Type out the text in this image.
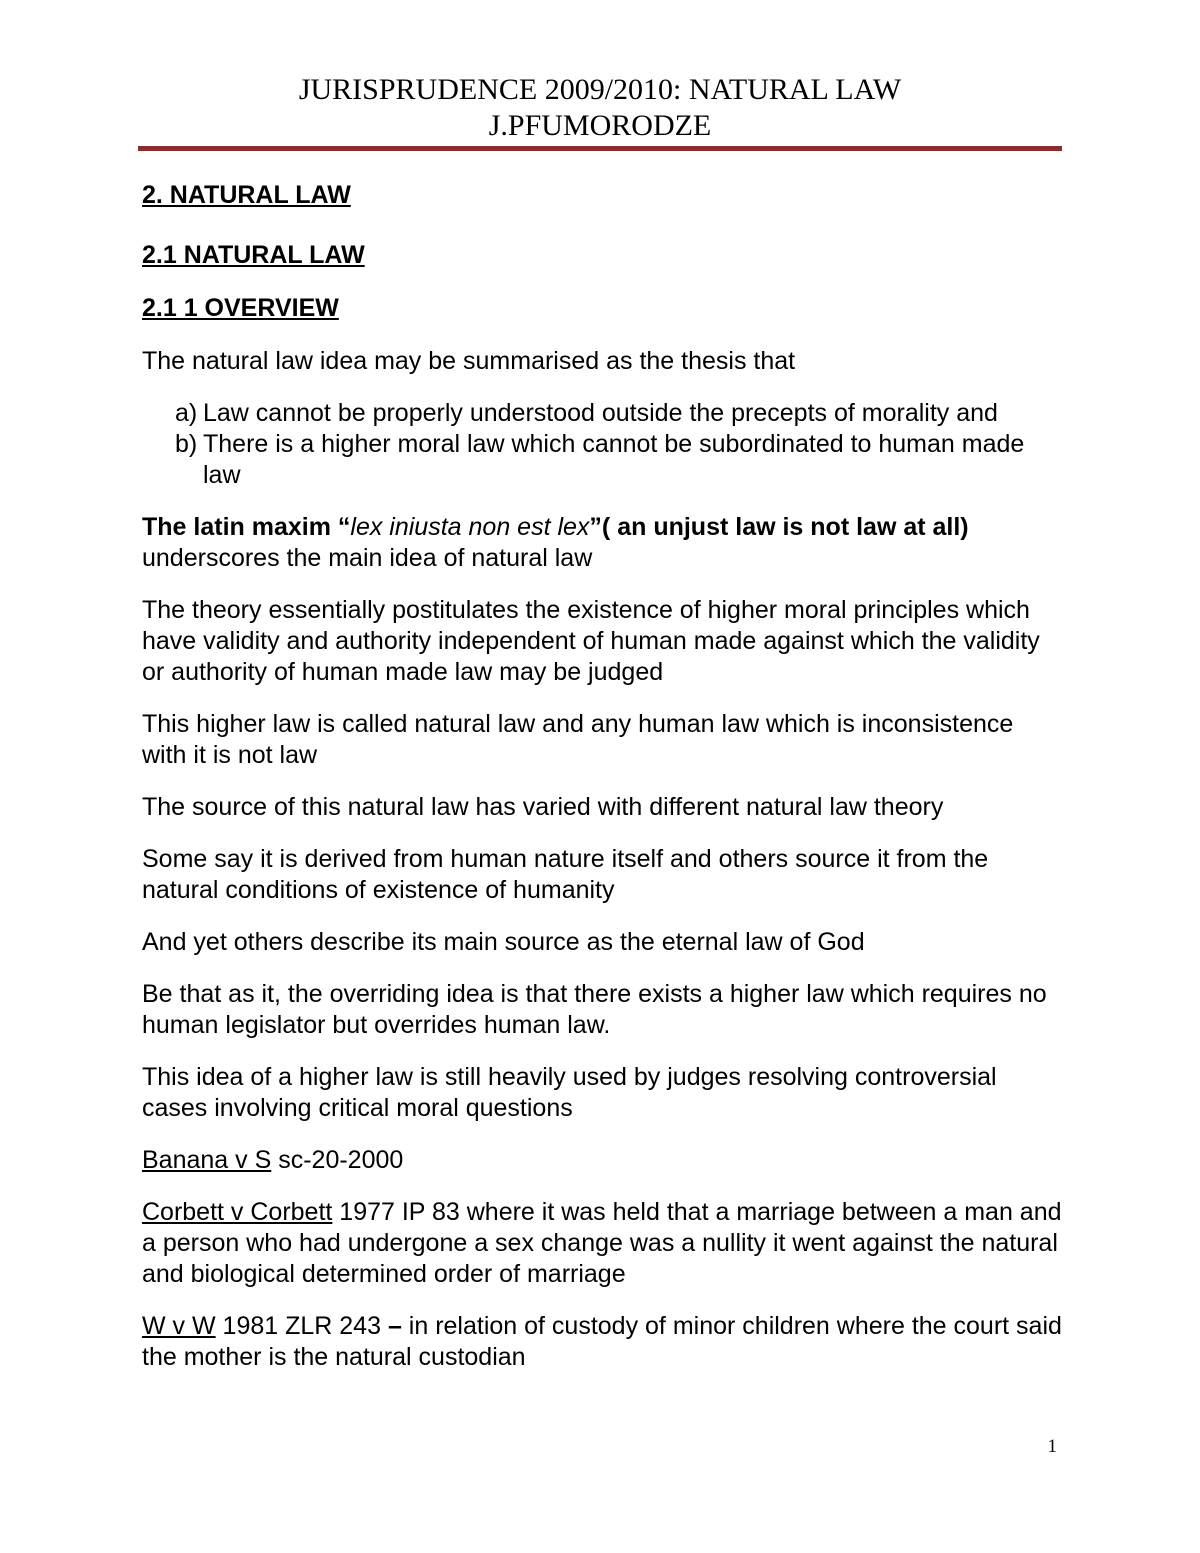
JURISPRUDENCE 2009/2010: NATURAL LAW
J.PFUMORODZE
2. NATURAL LAW
2.1 NATURAL LAW
2.1 1 OVERVIEW

The natural law idea may be summarised as the thesis that

a) Law cannot be properly understood outside the precepts of morality and
b) There is a higher moral law which cannot be subordinated to human made law

The latin maxim “lex iniusta non est lex”( an unjust law is not law at all) underscores the main idea of natural law

The theory essentially postitulates the existence of higher moral principles which have validity and authority independent of human made against which the validity or authority of human made law may be judged

This higher law is called natural law and any human law which is inconsistence with it is not law

The source of this natural law has varied with different natural law theory

Some say it is derived from human nature itself and others source it from the natural conditions of existence of humanity

And yet others describe its main source as the eternal law of God

Be that as it, the overriding idea is that there exists a higher law which requires no human legislator but overrides human law.

This idea of a higher law is still heavily used by judges resolving controversial cases involving critical moral questions

Banana v S sc-20-2000

Corbett v Corbett 1977 IP 83 where it was held that a marriage between a man and a person who had undergone a sex change was a nullity it went against the natural and biological determined order of marriage

W v W 1981 ZLR 243 – in relation of custody of minor children where the court said the mother is the natural custodian

1
